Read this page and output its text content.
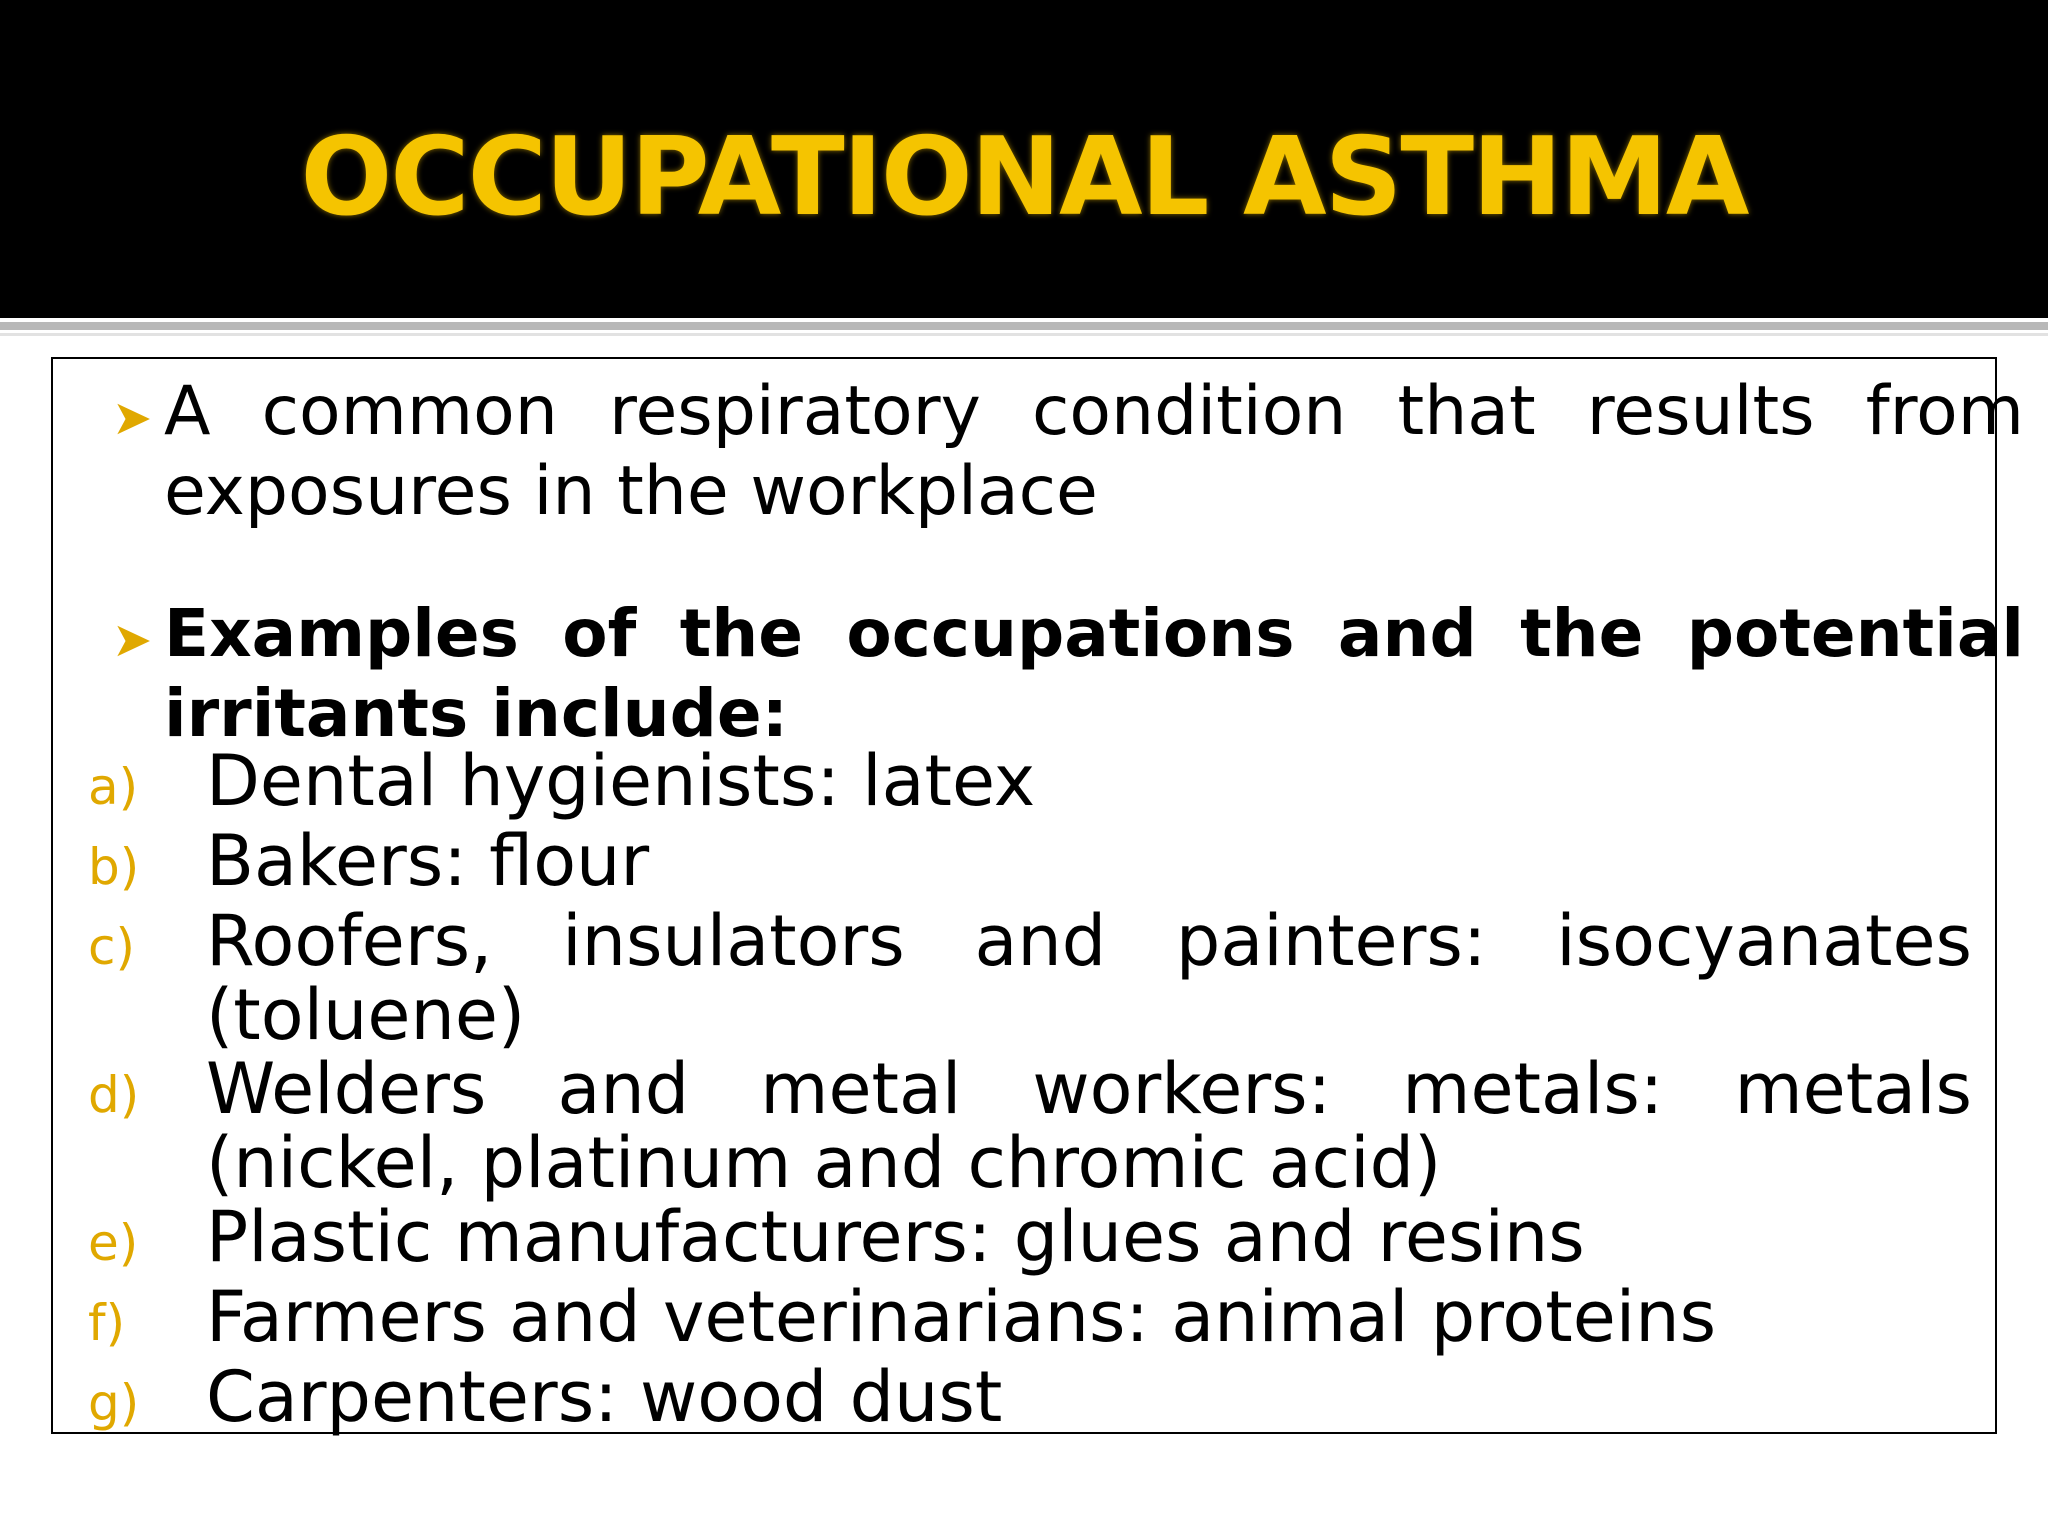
OCCUPATIONAL ASTHMA
➤ A common respiratory condition that results from exposures in the workplace
➤ Examples of the occupations and the potential irritants include:
a) Dental hygienists: latex
b) Bakers: flour
c)	Roofers, insulators and painters: isocyanates (toluene)
d) Welders and metal workers: metals: metals (nickel, platinum and chromic acid)
e) Plastic manufacturers: glues and resins
f)	Farmers and veterinarians: animal proteins
g) Carpenters: wood dust
